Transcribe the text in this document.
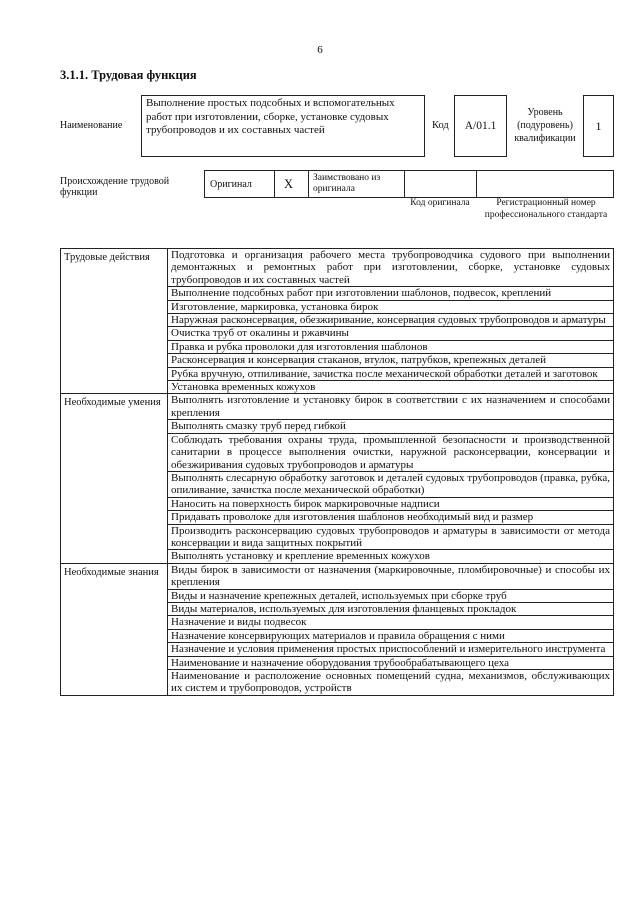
6
3.1.1. Трудовая функция
Наименование
Выполнение простых подсобных и вспомогательных работ при изготовлении, сборке, установке судовых трубопроводов и их составных частей	Код	А/01.1
Уровень (подуровень) квалификации
1
Происхождение трудовой функции
Оригинал	X Заимствовано из оригинала
Код оригинала	Регистрационный номер профессионального стандарта
Трудовые действия	Подготовка и организация рабочего места трубопроводчика судового при выполнении демонтажных и ремонтных работ при изготовлении, сборке, установке судовых трубопроводов и их составных частей
	Выполнение подсобных работ при изготовлении шаблонов, подвесок, креплений
	Изготовление, маркировка, установка бирок
	Наружная расконсервация, обезжиривание, консервация судовых трубопроводов и арматуры
	Очистка труб от окалины и ржавчины
	Правка и рубка проволоки для изготовления шаблонов
	Расконсервация и консервация стаканов, втулок, патрубков, крепежных деталей
	Рубка вручную, отпиливание, зачистка после механической обработки деталей и заготовок
	Установка временных кожухов
Необходимые умения	Выполнять изготовление и установку бирок в соответствии с их назначением и способами крепления
	Выполнять смазку труб перед гибкой
	Соблюдать требования охраны труда, промышленной безопасности и производственной санитарии в процессе выполнения очистки, наружной расконсервации, консервации и обезжиривания судовых трубопроводов и арматуры
	Выполнять слесарную обработку заготовок и деталей судовых трубопроводов (правка, рубка, опиливание, зачистка после механической обработки)
	Наносить на поверхность бирок маркировочные надписи
	Придавать проволоке для изготовления шаблонов необходимый вид и размер
	Производить расконсервацию судовых трубопроводов и арматуры в зависимости от метода консервации и вида защитных покрытий
	Выполнять установку и крепление временных кожухов
Необходимые знания	Виды бирок в зависимости от назначения (маркировочные, пломбировочные) и способы их крепления
	Виды и назначение крепежных деталей, используемых при сборке труб
	Виды материалов, используемых для изготовления фланцевых прокладок
	Назначение и виды подвесок
	Назначение консервирующих материалов и правила обращения с ними
	Назначение и условия применения простых приспособлений и измерительного инструмента
	Наименование и назначение оборудования трубообрабатывающего цеха
	Наименование и расположение основных помещений судна, механизмов, обслуживающих их систем и трубопроводов, устройств
